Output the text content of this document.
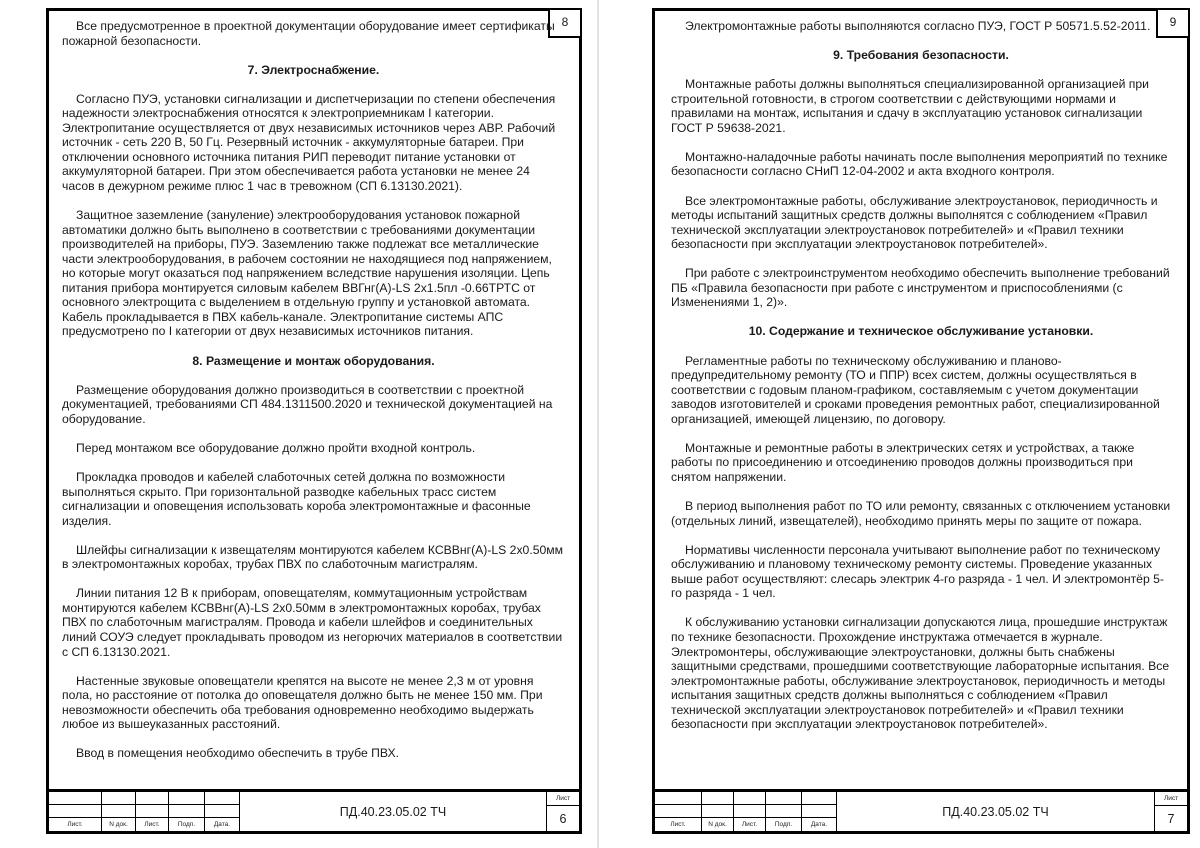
8

Все предусмотренное в проектной документации оборудование имеет сертификаты пожарной безопасности.

7. Электроснабжение.

Согласно ПУЭ, установки сигнализации и диспетчеризации по степени обеспечения надежности электроснабжения относятся к электроприемникам I категории. Электропитание осуществляется от двух независимых источников через АВР. Рабочий источник - сеть 220 В, 50 Гц. Резервный источник - аккумуляторные батареи. При отключении основного источника питания РИП переводит питание установки от аккумуляторной батареи. При этом обеспечивается работа установки не менее 24 часов в дежурном режиме плюс 1 час в тревожном (СП 6.13130.2021).

Защитное заземление (зануление) электрооборудования установок пожарной автоматики должно быть выполнено в соответствии с требованиями документации производителей на приборы, ПУЭ. Заземлению также подлежат все металлические части электрооборудования, в рабочем состоянии не находящиеся под напряжением, но которые могут оказаться под напряжением вследствие нарушения изоляции. Цепь питания прибора монтируется силовым кабелем ВВГнг(А)-LS 2х1.5пл -0.66ТРТС от основного электрощита с выделением в отдельную группу и установкой автомата. Кабель прокладывается в ПВХ кабель-канале. Электропитание системы АПС предусмотрено по I категории от двух независимых источников питания.

8. Размещение и монтаж оборудования.

Размещение оборудования должно производиться в соответствии с проектной документацией, требованиями СП 484.1311500.2020 и технической документацией на оборудование.

Перед монтажом все оборудование должно пройти входной контроль.

Прокладка проводов и кабелей слаботочных сетей должна по возможности выполняться скрыто. При горизонтальной разводке кабельных трасс систем сигнализации и оповещения использовать короба электромонтажные и фасонные изделия.

Шлейфы сигнализации к извещателям монтируются кабелем КСВВнг(А)-LS 2х0.50мм в электромонтажных коробах, трубах ПВХ по слаботочным магистралям.

Линии питания 12 В к приборам, оповещателям, коммутационным устройствам монтируются кабелем КСВВнг(А)-LS 2х0.50мм в электромонтажных коробах, трубах ПВХ по слаботочным магистралям. Провода и кабели шлейфов и соединительных линий СОУЭ следует прокладывать проводом из негорючих материалов в соответствии с СП 6.13130.2021.

Настенные звуковые оповещатели крепятся на высоте не менее 2,3 м от уровня пола, но расстояние от потолка до оповещателя должно быть не менее 150 мм. При невозможности обеспечить оба требования одновременно необходимо выдержать любое из вышеуказанных расстояний.

Ввод в помещения необходимо обеспечить в трубе ПВХ.

Лист.	N док.	Лист.	Подп.	Дата.
ПД.40.23.05.02 ТЧ
Лист
6
9

Электромонтажные работы выполняются согласно ПУЭ, ГОСТ Р 50571.5.52-2011.

9. Требования безопасности.

Монтажные работы должны выполняться специализированной организацией при строительной готовности, в строгом соответствии с действующими нормами и правилами на монтаж, испытания и сдачу в эксплуатацию установок сигнализации ГОСТ Р 59638-2021.

Монтажно-наладочные работы начинать после выполнения мероприятий по технике безопасности согласно СНиП 12-04-2002 и акта входного контроля.

Все электромонтажные работы, обслуживание электроустановок, периодичность и методы испытаний защитных средств должны выполнятся с соблюдением «Правил технической эксплуатации электроустановок потребителей» и «Правил техники безопасности при эксплуатации электроустановок потребителей».

При работе с электроинструментом необходимо обеспечить выполнение требований ПБ «Правила безопасности при работе с инструментом и приспособлениями (с Изменениями 1, 2)».

10. Содержание и техническое обслуживание установки.

Регламентные работы по техническому обслуживанию и планово-предупредительному ремонту (ТО и ППР) всех систем, должны осуществляться в соответствии с годовым планом-графиком, составляемым с учетом документации заводов изготовителей и сроками проведения ремонтных работ, специализированной организацией, имеющей лицензию, по договору.

Монтажные и ремонтные работы в электрических сетях и устройствах, а также работы по присоединению и отсоединению проводов должны производиться при снятом напряжении.

В период выполнения работ по ТО или ремонту, связанных с отключением установки (отдельных линий, извещателей), необходимо принять меры по защите от пожара.

Нормативы численности персонала учитывают выполнение работ по техническому обслуживанию и плановому техническому ремонту системы. Проведение указанных выше работ осуществляют: слесарь электрик 4-го разряда - 1 чел. И электромонтёр 5-го разряда - 1 чел.

К обслуживанию установки сигнализации допускаются лица, прошедшие инструктаж по технике безопасности. Прохождение инструктажа отмечается в журнале. Электромонтеры, обслуживающие электроустановки, должны быть снабжены защитными средствами, прошедшими соответствующие лабораторные испытания. Все электромонтажные работы, обслуживание электроустановок, периодичность и методы испытания защитных средств должны выполняться с соблюдением «Правил технической эксплуатации электроустановок потребителей» и «Правил техники безопасности при эксплуатации электроустановок потребителей».

Лист.	N док.	Лист.	Подп.	Дата.
ПД.40.23.05.02 ТЧ
Лист
7
